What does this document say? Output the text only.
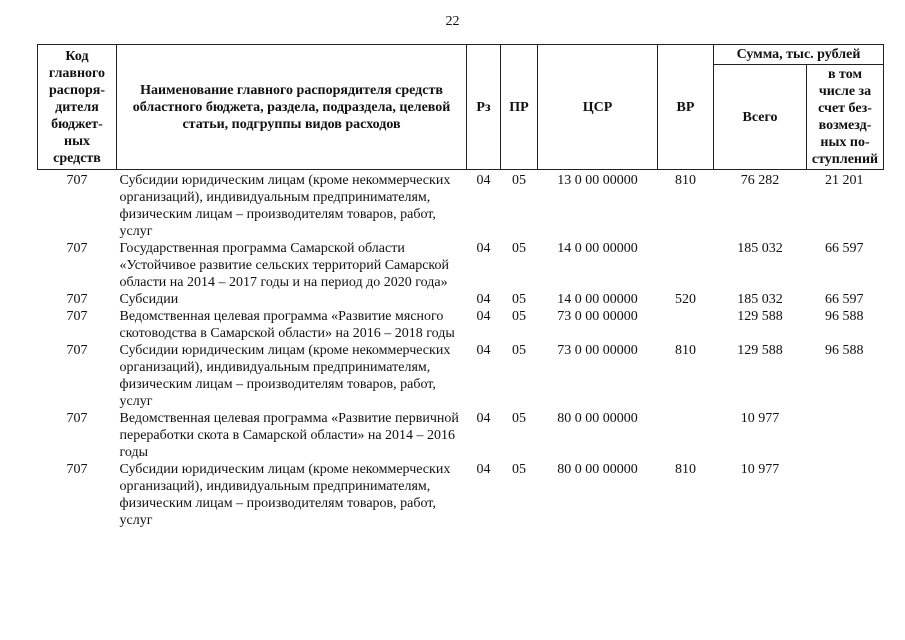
22
Код главного распоря-дителя бюджет-ных средств	Наименование главного распорядителя средств областного бюджета, раздела, подраздела, целевой статьи, подгруппы видов расходов	Рз	ПР	ЦСР	ВР	Сумма, тыс. рублей	
						Всего	в том числе за счет без-возмезд-ных по-ступлений
707	Субсидии юридическим лицам (кроме некоммерческих организаций), индивидуальным предпринимателям, физическим лицам – производителям товаров, работ, услуг	04	05	13 0 00 00000	810	76 282	21 201
707	Государственная программа Самарской области «Устойчивое развитие сельских территорий Самарской области на 2014 – 2017 годы и на период до 2020 года»	04	05	14 0 00 00000		185 032	66 597
707	Субсидии	04	05	14 0 00 00000	520	185 032	66 597
707	Ведомственная целевая программа «Развитие мясного скотоводства в Самарской области» на 2016 – 2018 годы	04	05	73 0 00 00000		129 588	96 588
707	Субсидии юридическим лицам (кроме некоммерческих организаций), индивидуальным предпринимателям, физическим лицам – производителям товаров, работ, услуг	04	05	73 0 00 00000	810	129 588	96 588
707	Ведомственная целевая программа «Развитие первичной переработки скота в Самарской области» на 2014 – 2016 годы	04	05	80 0 00 00000		10 977	
707	Субсидии юридическим лицам (кроме некоммерческих организаций), индивидуальным предпринимателям, физическим лицам – производителям товаров, работ, услуг	04	05	80 0 00 00000	810	10 977	
